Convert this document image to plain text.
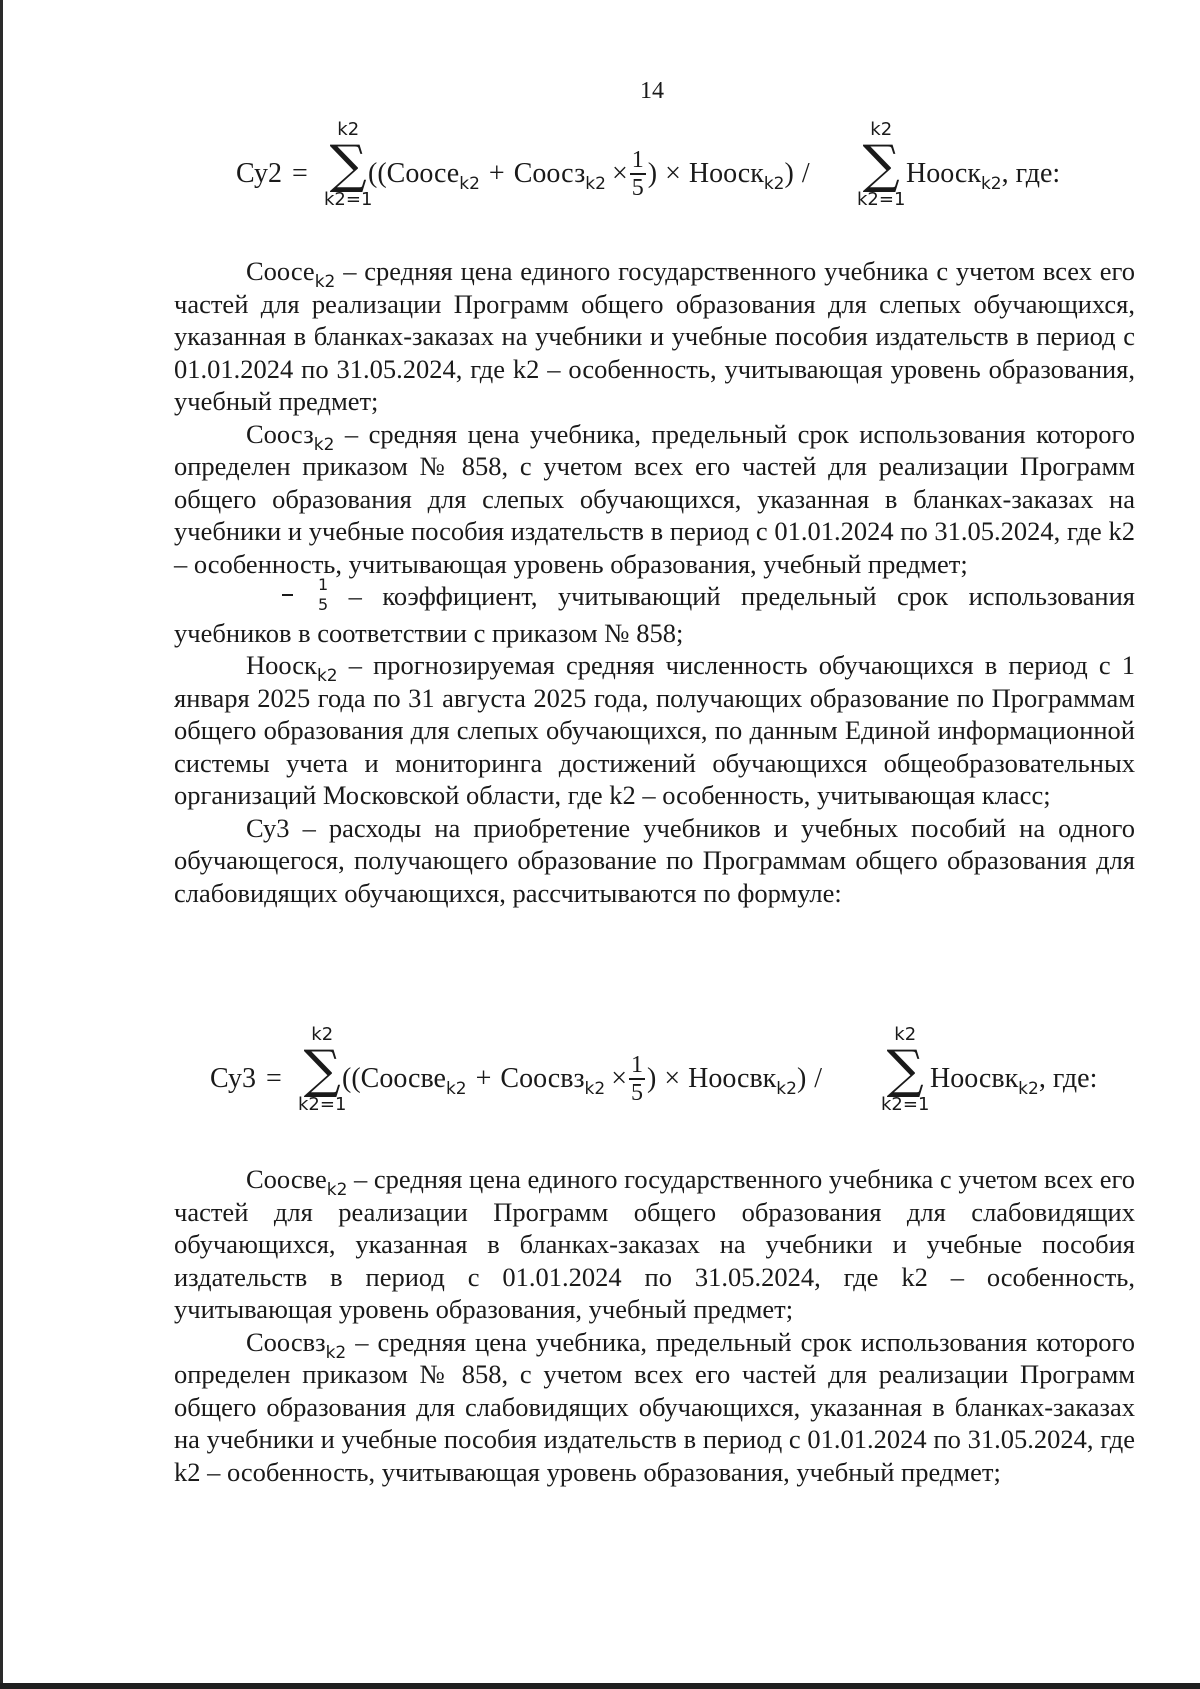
14
Су2 =
k2
∑
k2=1
(( Соосе$_{k2}$ + Соосз$_{k2}$ × $\frac{1}{5}$ ) × Нооск$_{k2}$ ) /
k2
∑
k2=1
Нооск$_{k2}$ , где:

Соосе$_{k2}$ – средняя цена единого государственного учебника с учетом всех его частей для реализации Программ общего образования для слепых обучающихся, указанная в бланках-заказах на учебники и учебные пособия издательств в период с 01.01.2024 по 31.05.2024, где k2 – особенность, учитывающая уровень образования, учебный предмет;

Соосз$_{k2}$ – средняя цена учебника, предельный срок использования которого определен приказом № 858, с учетом всех его частей для реализации Программ общего образования для слепых обучающихся, указанная в бланках-заказах на учебники и учебные пособия издательств в период с 01.01.2024 по 31.05.2024, где k2 – особенность, учитывающая уровень образования, учебный предмет;

$\frac{1}{5}$ – коэффициент, учитывающий предельный срок использования учебников в соответствии с приказом № 858;

Нооск$_{k2}$ – прогнозируемая средняя численность обучающихся в период с 1 января 2025 года по 31 августа 2025 года, получающих образование по Программам общего образования для слепых обучающихся, по данным Единой информационной системы учета и мониторинга достижений обучающихся общеобразовательных организаций Московской области, где k2 – особенность, учитывающая класс;

Су3 – расходы на приобретение учебников и учебных пособий на одного обучающегося, получающего образование по Программам общего образования для слабовидящих обучающихся, рассчитываются по формуле:

Су3 =
k2
∑
k2=1
(( Соосве$_{k2}$ + Соосвз$_{k2}$ × $\frac{1}{5}$ ) × Ноосвк$_{k2}$ ) /
k2
∑
k2=1
Ноосвк$_{k2}$ , где:

Соосве$_{k2}$ – средняя цена единого государственного учебника с учетом всех его частей для реализации Программ общего образования для слабовидящих обучающихся, указанная в бланках-заказах на учебники и учебные пособия издательств в период с 01.01.2024 по 31.05.2024, где k2 – особенность, учитывающая уровень образования, учебный предмет;

Соосвз$_{k2}$ – средняя цена учебника, предельный срок использования которого определен приказом № 858, с учетом всех его частей для реализации Программ общего образования для слабовидящих обучающихся, указанная в бланках-заказах на учебники и учебные пособия издательств в период с 01.01.2024 по 31.05.2024, где k2 – особенность, учитывающая уровень образования, учебный предмет;
